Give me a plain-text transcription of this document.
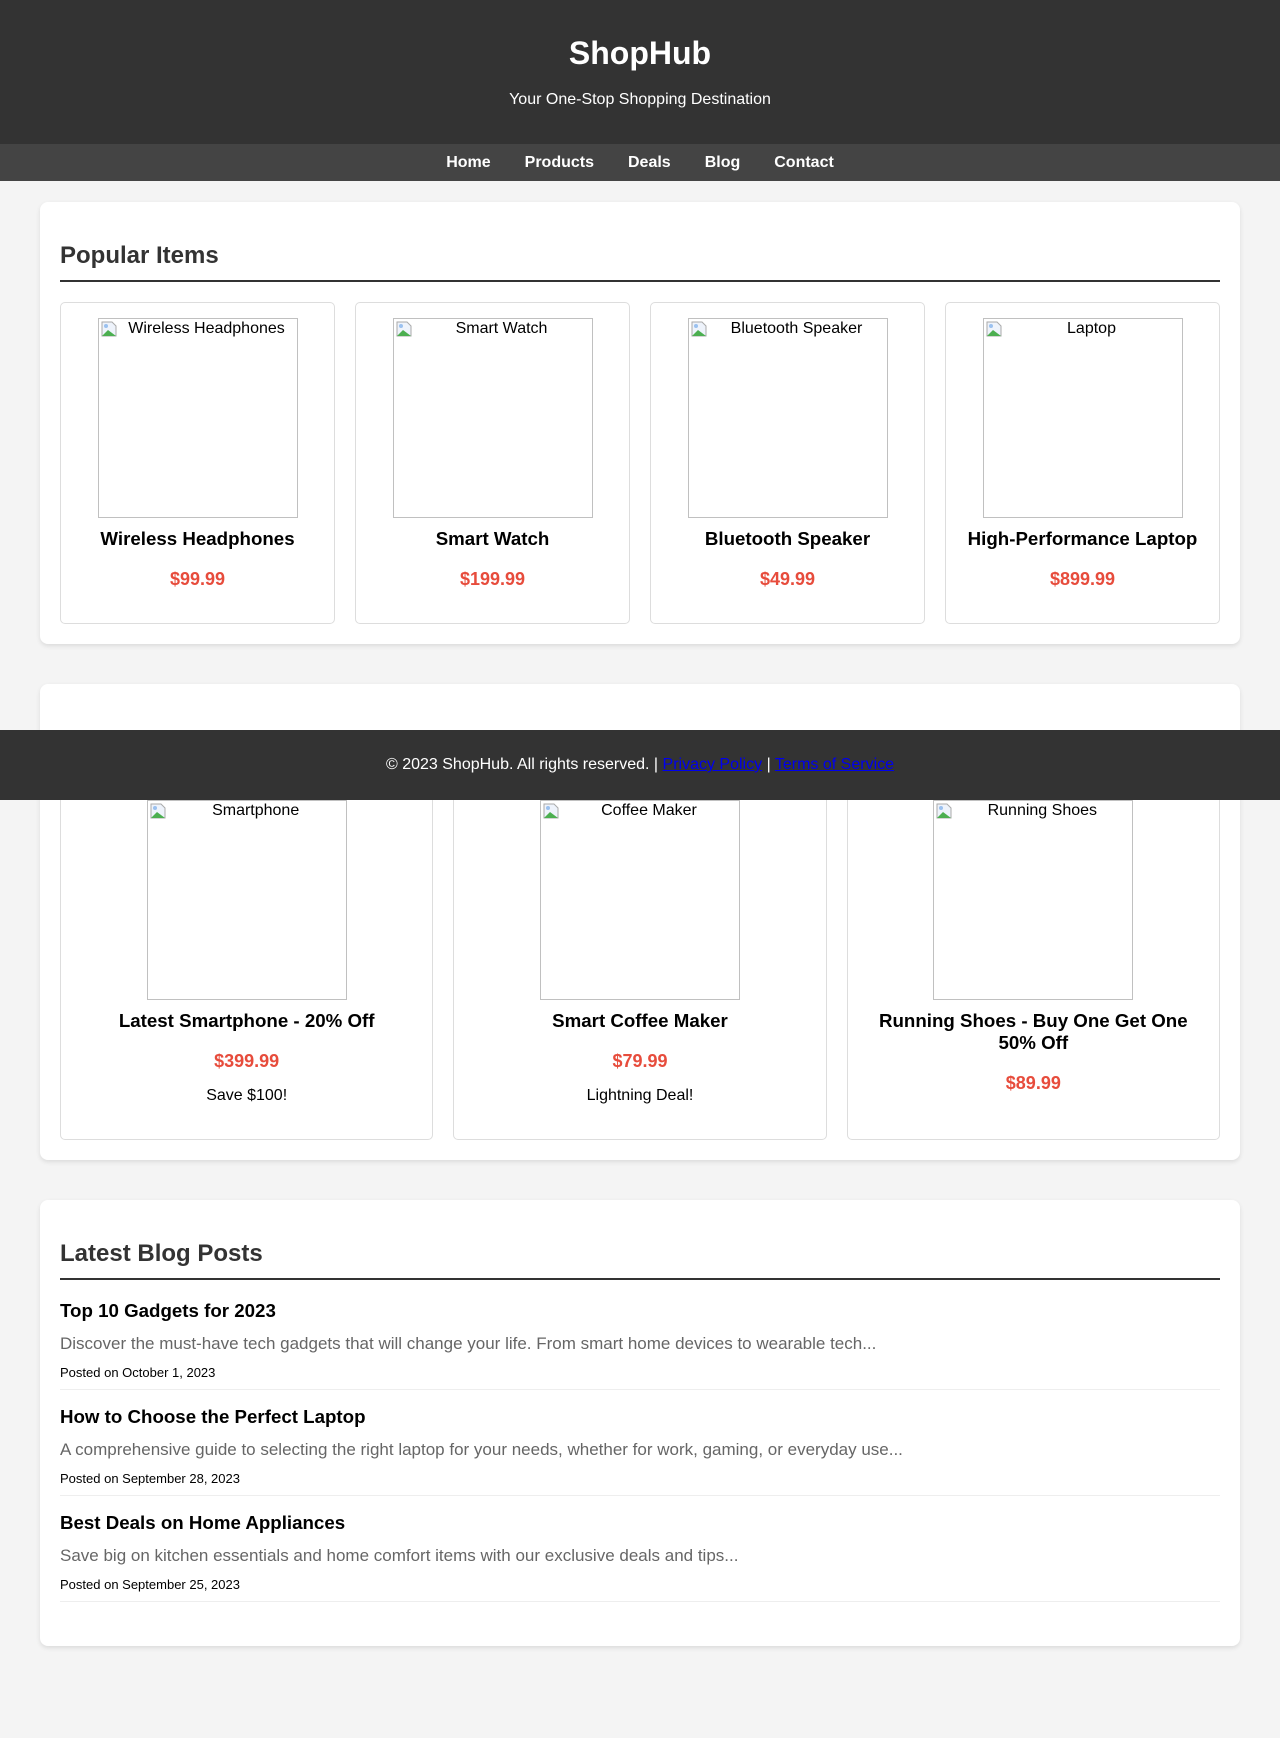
ShopHub

Your One-Stop Shopping Destination

Home Products Deals Blog Contact
Popular Items
Wireless Headphones
Wireless Headphones

$99.99

Smart Watch
Smart Watch

$199.99

Bluetooth Speaker
Bluetooth Speaker

$49.99

Laptop
High-Performance Laptop

$899.99

Smartphone
Latest Smartphone - 20% Off

$399.99

Save $100!

Coffee Maker
Smart Coffee Maker

$79.99

Lightning Deal!

Running Shoes
Running Shoes - Buy One Get One 50% Off

$89.99

Latest Blog Posts
Top 10 Gadgets for 2023

Discover the must-have tech gadgets that will change your life. From smart home devices to wearable tech...

Posted on October 1, 2023

How to Choose the Perfect Laptop

A comprehensive guide to selecting the right laptop for your needs, whether for work, gaming, or everyday use...

Posted on September 28, 2023

Best Deals on Home Appliances

Save big on kitchen essentials and home comfort items with our exclusive deals and tips...

Posted on September 25, 2023

© 2023 ShopHub. All rights reserved. | Privacy Policy | Terms of Service
